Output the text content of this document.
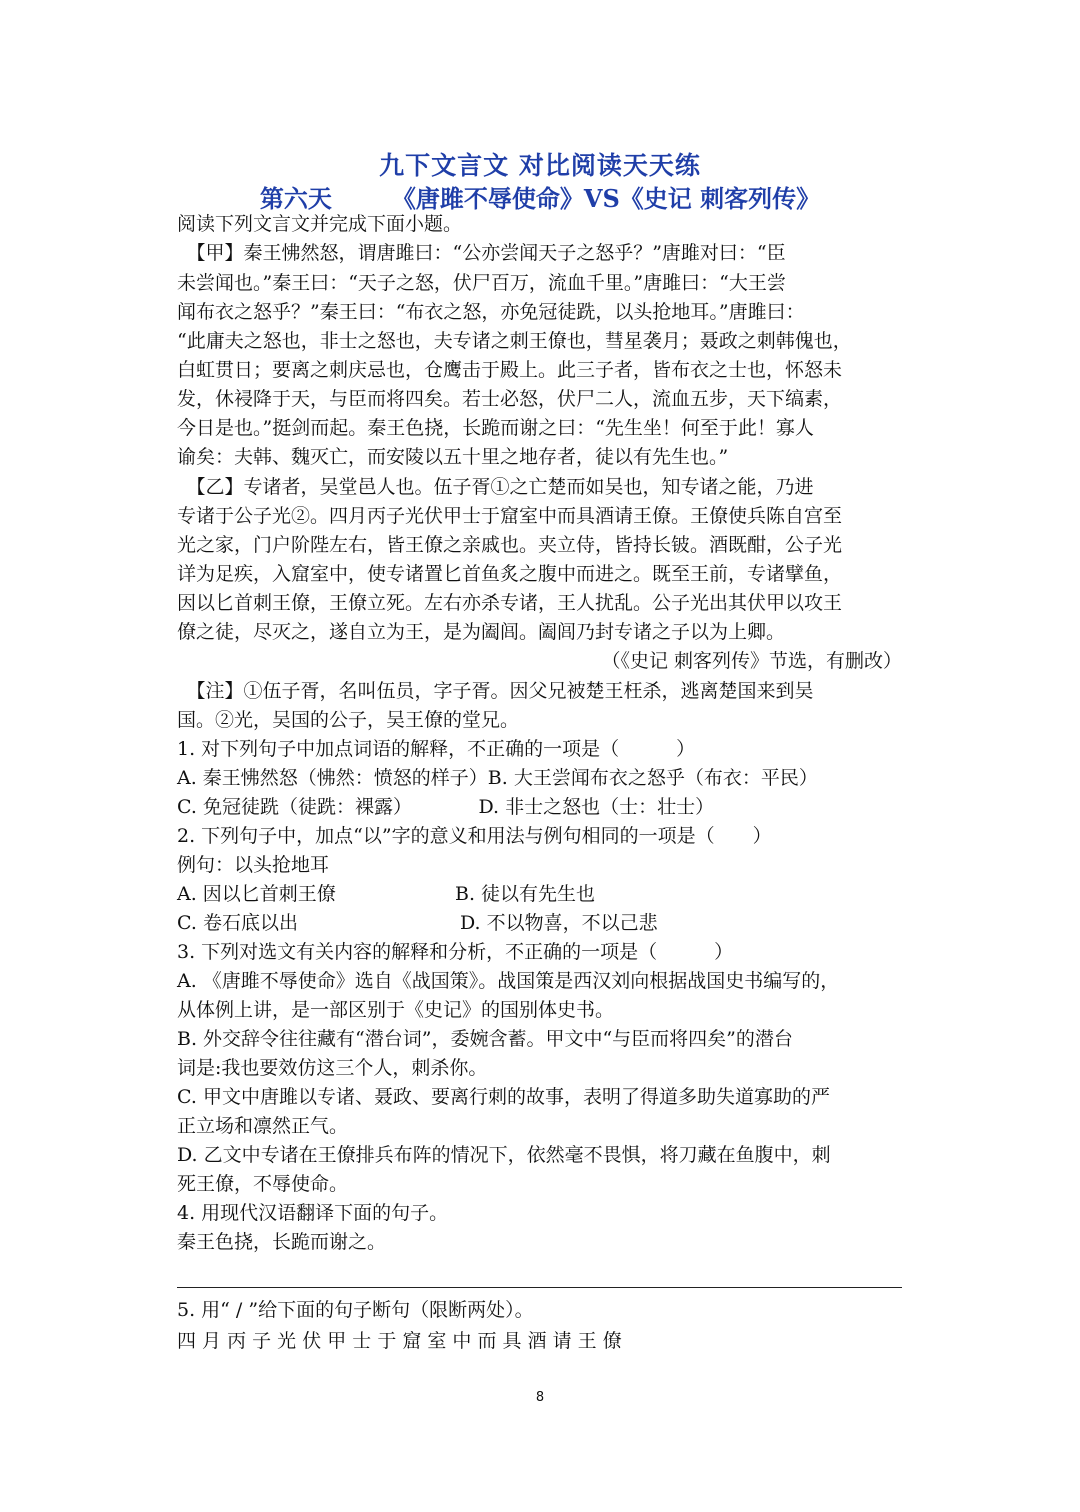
九下文言文 对比阅读天天练
第六天	《唐雎不辱使命》VS《史记 刺客列传》
阅读下列文言文并完成下面小题。
　【甲】秦王怫然怒，谓唐雎曰：“公亦尝闻天子之怒乎？”唐雎对曰：“臣
未尝闻也。”秦王曰：“天子之怒，伏尸百万，流血千里。”唐雎曰：“大王尝
闻布衣之怒乎？”秦王曰：“布衣之怒，亦免冠徒跣，以头抢地耳。”唐雎曰：
“此庸夫之怒也，非士之怒也，夫专诸之刺王僚也，彗星袭月；聂政之刺韩傀也，
白虹贯日；要离之刺庆忌也，仓鹰击于殿上。此三子者，皆布衣之士也，怀怒未
发，休祲降于天，与臣而将四矣。若士必怒，伏尸二人，流血五步，天下缟素，
今日是也。”挺剑而起。秦王色挠，长跪而谢之曰：“先生坐！何至于此！寡人
谕矣：夫韩、魏灭亡，而安陵以五十里之地存者，徒以有先生也。”
　【乙】专诸者，吴堂邑人也。伍子胥①之亡楚而如吴也，知专诸之能，乃进
专诸于公子光②。四月丙子光伏甲士于窟室中而具酒请王僚。王僚使兵陈自宫至
光之家，门户阶陛左右，皆王僚之亲戚也。夹立侍，皆持长铍。酒既酣，公子光
详为足疾，入窟室中，使专诸置匕首鱼炙之腹中而进之。既至王前，专诸擘鱼，
因以匕首刺王僚，王僚立死。左右亦杀专诸，王人扰乱。公子光出其伏甲以攻王
僚之徒，尽灭之，遂自立为王，是为阖闾。阖闾乃封专诸之子以为上卿。
（《史记 刺客列传》节选，有删改）
　【注】①伍子胥，名叫伍员，字子胥。因父兄被楚王枉杀，逃离楚国来到吴
国。②光，吴国的公子，吴王僚的堂兄。
1. 对下列句子中加点词语的解释，不正确的一项是（　　　）
A. 秦王怫然怒（怫然：愤怒的样子）B. 大王尝闻布衣之怒乎（布衣：平民）
C. 免冠徒跣（徒跣：裸露）　　　　D. 非士之怒也（士：壮士）
2. 下列句子中，加点“以”字的意义和用法与例句相同的一项是（　　）
例句：以头抢地耳
A. 因以匕首刺王僚	B. 徒以有先生也
C. 卷石底以出	D. 不以物喜，不以己悲
3. 下列对选文有关内容的解释和分析，不正确的一项是（　　　）
A. 《唐雎不辱使命》选自《战国策》。战国策是西汉刘向根据战国史书编写的，
从体例上讲，是一部区别于《史记》的国别体史书。
B. 外交辞令往往藏有“潜台词”，委婉含蓄。甲文中“与臣而将四矣”的潜台
词是:我也要效仿这三个人，刺杀你。
C. 甲文中唐雎以专诸、聂政、要离行刺的故事，表明了得道多助失道寡助的严
正立场和凛然正气。
D. 乙文中专诸在王僚排兵布阵的情况下，依然毫不畏惧，将刀藏在鱼腹中，刺
死王僚，不辱使命。
4. 用现代汉语翻译下面的句子。
秦王色挠，长跪而谢之。
5. 用“ / ”给下面的句子断句（限断两处）。
四 月 丙 子 光 伏 甲 士 于 窟 室 中 而 具 酒 请 王 僚
8
